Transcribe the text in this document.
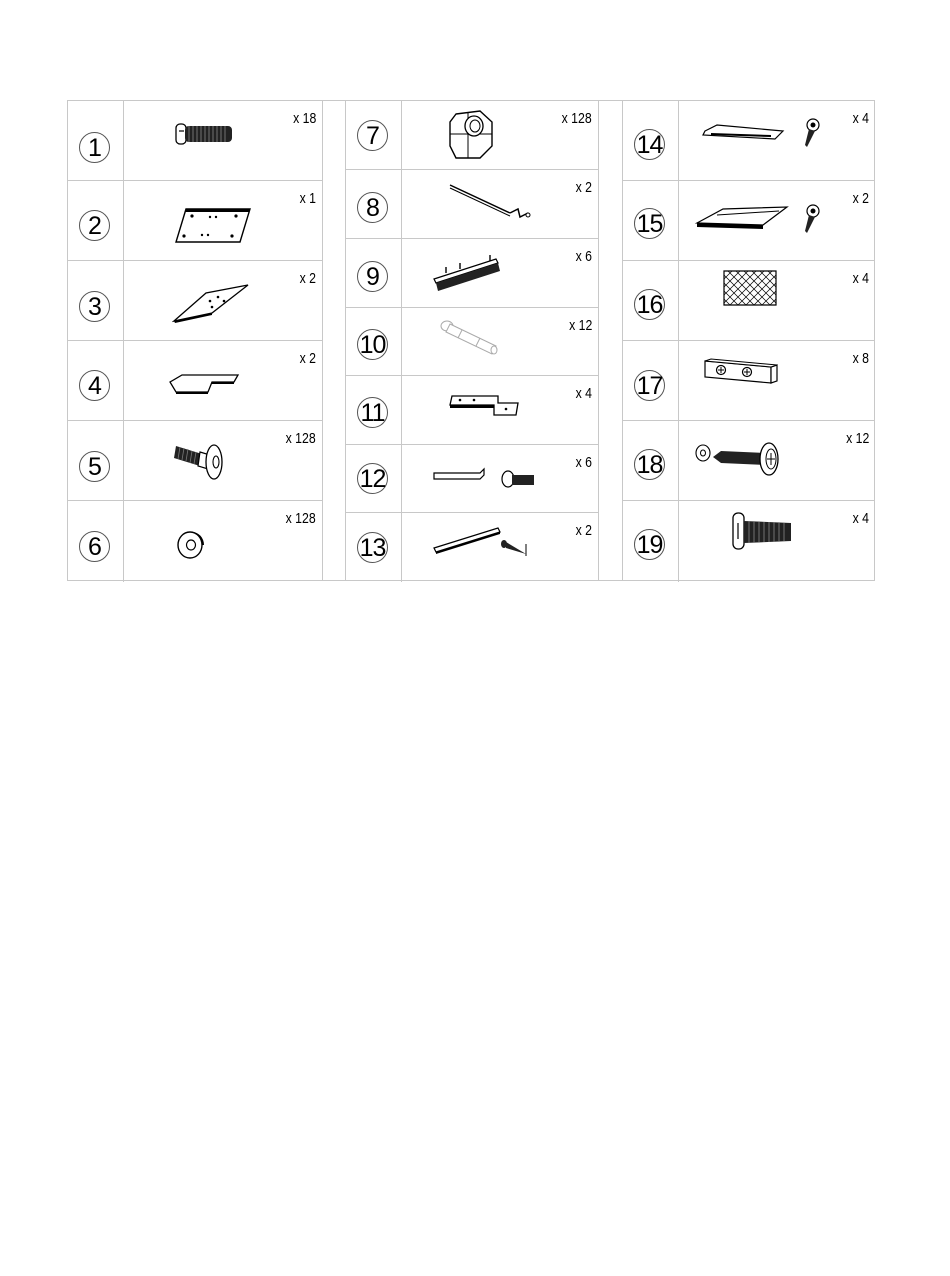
1
x 18
2
x 1
3
x 2
4
x 2
5
x 128
6
x 128
7
x 128
8
x 2
9
x 6
10
x 12
11
x 4
12
x 6
13
x 2
14
x 4
15
x 2
16
x 4
17
x 8
18
x 12
19
x 4
